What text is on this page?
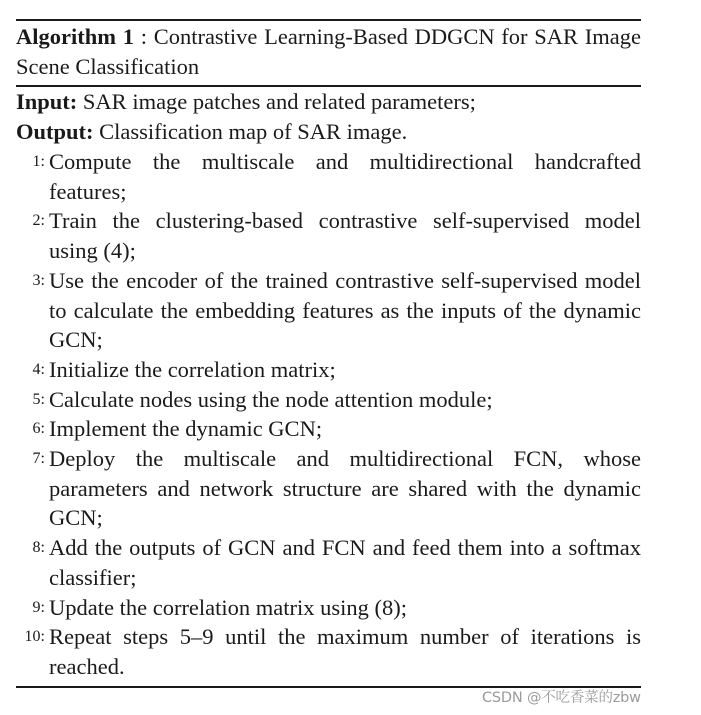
Algorithm 1 : Contrastive Learning-Based DDGCN for SAR Image Scene Classification
Input: SAR image patches and related parameters;
Output: Classification map of SAR image.
1: Compute the multiscale and multidirectional handcrafted features;
2: Train the clustering-based contrastive self-supervised model using (4);
3: Use the encoder of the trained contrastive self-supervised model to calculate the embedding features as the inputs of the dynamic GCN;
4: Initialize the correlation matrix;
5: Calculate nodes using the node attention module;
6: Implement the dynamic GCN;
7: Deploy the multiscale and multidirectional FCN, whose parameters and network structure are shared with the dynamic GCN;
8: Add the outputs of GCN and FCN and feed them into a softmax classifier;
9: Update the correlation matrix using (8);
10: Repeat steps 5–9 until the maximum number of iterations is reached.
CSDN @不吃香菜的zbw
